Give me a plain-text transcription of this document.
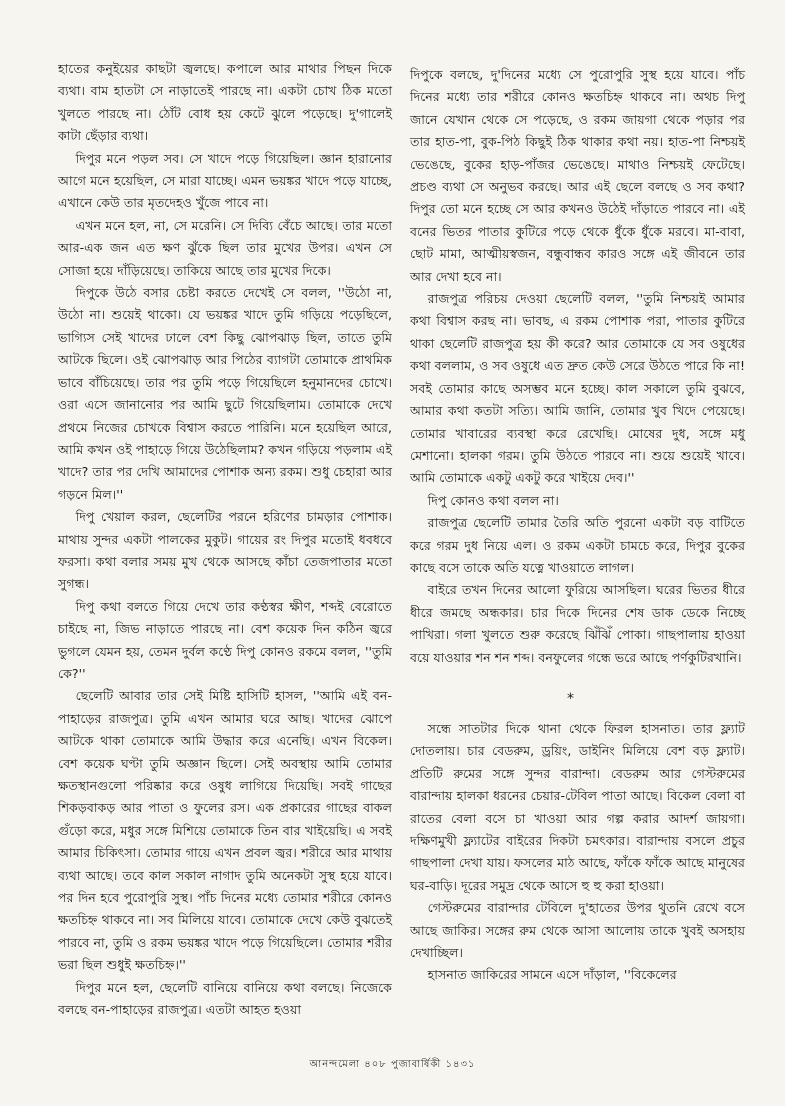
হাতের কনুইয়ের কাছটা জ্বলছে। কপালে আর মাথার পিছন দিকে ব্যথা। বাম হাতটা সে নাড়াতেই পারছে না। একটা চোখ ঠিক মতো খুলতে পারছে না। ঠোঁট বোধ হয় কেটে ঝুলে পড়েছে। দু'গালেই কাটা ছেঁড়ার ব্যথা।

দিপুর মনে পড়ল সব। সে খাদে পড়ে গিয়েছিল। জ্ঞান হারানোর আগে মনে হয়েছিল, সে মারা যাচ্ছে। এমন ভয়ঙ্কর খাদে পড়ে যাচ্ছে, এখানে কেউ তার মৃতদেহও খুঁজে পাবে না।

এখন মনে হল, না, সে মরেনি। সে দিব্যি বেঁচে আছে। তার মতো আর-এক জন এত ক্ষণ ঝুঁকে ছিল তার মুখের উপর। এখন সে সোজা হয়ে দাঁড়িয়েছে। তাকিয়ে আছে তার মুখের দিকে।

দিপুকে উঠে বসার চেষ্টা করতে দেখেই সে বলল, ''উঠো না, উঠো না। শুয়েই থাকো। যে ভয়ঙ্কর খাদে তুমি গড়িয়ে পড়েছিলে, ভাগ্যিস সেই খাদের ঢালে বেশ কিছু ঝোপঝাড় ছিল, তাতে তুমি আটকে ছিলে। ওই ঝোপঝাড় আর পিঠের ব্যাগটা তোমাকে প্রাথমিক ভাবে বাঁচিয়েছে। তার পর তুমি পড়ে গিয়েছিলে হনুমানদের চোখে। ওরা এসে জানানোর পর আমি ছুটে গিয়েছিলাম। তোমাকে দেখে প্রথমে নিজের চোখকে বিশ্বাস করতে পারিনি। মনে হয়েছিল আরে, আমি কখন ওই পাহাড়ে গিয়ে উঠেছিলাম? কখন গড়িয়ে পড়লাম এই খাদে? তার পর দেখি আমাদের পোশাক অন্য রকম। শুধু চেহারা আর গড়নে মিল।''

দিপু খেয়াল করল, ছেলেটির পরনে হরিণের চামড়ার পোশাক। মাথায় সুন্দর একটা পালকের মুকুট। গায়ের রং দিপুর মতোই ধবধবে ফরসা। কথা বলার সময় মুখ থেকে আসছে কাঁচা তেজপাতার মতো সুগন্ধ।

দিপু কথা বলতে গিয়ে দেখে তার কণ্ঠস্বর ক্ষীণ, শব্দই বেরোতে চাইছে না, জিভ নাড়াতে পারছে না। বেশ কয়েক দিন কঠিন জ্বরে ভুগলে যেমন হয়, তেমন দুর্বল কণ্ঠে দিপু কোনও রকমে বলল, ''তুমি কে?''

ছেলেটি আবার তার সেই মিষ্টি হাসিটি হাসল, ''আমি এই বন-পাহাড়ের রাজপুত্র। তুমি এখন আমার ঘরে আছ। খাদের ঝোপে আটকে থাকা তোমাকে আমি উদ্ধার করে এনেছি। এখন বিকেল। বেশ কয়েক ঘণ্টা তুমি অজ্ঞান ছিলে। সেই অবস্থায় আমি তোমার ক্ষতস্থানগুলো পরিষ্কার করে ওষুধ লাগিয়ে দিয়েছি। সবই গাছের শিকড়বাকড় আর পাতা ও ফুলের রস। এক প্রকারের গাছের বাকল গুঁড়ো করে, মধুর সঙ্গে মিশিয়ে তোমাকে তিন বার খাইয়েছি। এ সবই আমার চিকিৎসা। তোমার গায়ে এখন প্রবল জ্বর। শরীরে আর মাথায় ব্যথা আছে। তবে কাল সকাল নাগাদ তুমি অনেকটা সুস্থ হয়ে যাবে। পর দিন হবে পুরোপুরি সুস্থ। পাঁচ দিনের মধ্যে তোমার শরীরে কোনও ক্ষতচিহ্ন থাকবে না। সব মিলিয়ে যাবে। তোমাকে দেখে কেউ বুঝতেই পারবে না, তুমি ও রকম ভয়ঙ্কর খাদে পড়ে গিয়েছিলে। তোমার শরীর ভরা ছিল শুধুই ক্ষতচিহ্ন।''

দিপুর মনে হল, ছেলেটি বানিয়ে বানিয়ে কথা বলছে। নিজেকে বলছে বন-পাহাড়ের রাজপুত্র। এতটা আহত হওয়া

দিপুকে বলছে, দু'দিনের মধ্যে সে পুরোপুরি সুস্থ হয়ে যাবে। পাঁচ দিনের মধ্যে তার শরীরে কোনও ক্ষতচিহ্ন থাকবে না। অথচ দিপু জানে যেখান থেকে সে পড়েছে, ও রকম জায়গা থেকে পড়ার পর তার হাত-পা, বুক-পিঠ কিছুই ঠিক থাকার কথা নয়। হাত-পা নিশ্চয়ই ভেঙেছে, বুকের হাড়-পাঁজর ভেঙেছে। মাথাও নিশ্চয়ই ফেটেছে। প্রচণ্ড ব্যথা সে অনুভব করছে। আর এই ছেলে বলছে ও সব কথা? দিপুর তো মনে হচ্ছে সে আর কখনও উঠেই দাঁড়াতে পারবে না। এই বনের ভিতর পাতার কুটিরে পড়ে থেকে ধুঁকে ধুঁকে মরবে। মা-বাবা, ছোট মামা, আত্মীয়স্বজন, বন্ধুবান্ধব কারও সঙ্গে এই জীবনে তার আর দেখা হবে না।

রাজপুত্র পরিচয় দেওয়া ছেলেটি বলল, ''তুমি নিশ্চয়ই আমার কথা বিশ্বাস করছ না। ভাবছ, এ রকম পোশাক পরা, পাতার কুটিরে থাকা ছেলেটি রাজপুত্র হয় কী করে? আর তোমাকে যে সব ওষুধের কথা বললাম, ও সব ওষুধে এত দ্রুত কেউ সেরে উঠতে পারে কি না! সবই তোমার কাছে অসম্ভব মনে হচ্ছে। কাল সকালে তুমি বুঝবে, আমার কথা কতটা সত্যি। আমি জানি, তোমার খুব খিদে পেয়েছে। তোমার খাবারের ব্যবস্থা করে রেখেছি। মোষের দুধ, সঙ্গে মধু মেশানো। হালকা গরম। তুমি উঠতে পারবে না। শুয়ে শুয়েই খাবে। আমি তোমাকে একটু একটু করে খাইয়ে দেব।''

দিপু কোনও কথা বলল না।

রাজপুত্র ছেলেটি তামার তৈরি অতি পুরনো একটা বড় বাটিতে করে গরম দুধ নিয়ে এল। ও রকম একটা চামচে করে, দিপুর বুকের কাছে বসে তাকে অতি যত্নে খাওয়াতে লাগল।

বাইরে তখন দিনের আলো ফুরিয়ে আসছিল। ঘরের ভিতর ধীরে ধীরে জমছে অন্ধকার। চার দিকে দিনের শেষ ডাক ডেকে নিচ্ছে পাখিরা। গলা খুলতে শুরু করেছে ঝিঁঝিঁ পোকা। গাছপালায় হাওয়া বয়ে যাওয়ার শন শন শব্দ। বনফুলের গন্ধে ভরে আছে পর্ণকুটিরখানি।

*

সন্ধে সাতটার দিকে থানা থেকে ফিরল হাসনাত। তার ফ্ল্যাট দোতলায়। চার বেডরুম, ড্রয়িং, ডাইনিং মিলিয়ে বেশ বড় ফ্ল্যাট। প্রতিটি রুমের সঙ্গে সুন্দর বারান্দা। বেডরুম আর গেস্টরুমের বারান্দায় হালকা ধরনের চেয়ার-টেবিল পাতা আছে। বিকেল বেলা বা রাতের বেলা বসে চা খাওয়া আর গল্প করার আদর্শ জায়গা। দক্ষিণমুখী ফ্ল্যাটের বাইরের দিকটা চমৎকার। বারান্দায় বসলে প্রচুর গাছপালা দেখা যায়। ফসলের মাঠ আছে, ফাঁকে ফাঁকে আছে মানুষের ঘর-বাড়ি। দূরের সমুদ্র থেকে আসে হু হু করা হাওয়া।

গেস্টরুমের বারান্দার টেবিলে দু'হাতের উপর থুতনি রেখে বসে আছে জাকির। সঙ্গের রুম থেকে আসা আলোয় তাকে খুবই অসহায় দেখাচ্ছিল।

হাসনাত জাকিরের সামনে এসে দাঁড়াল, ''বিকেলের

আনন্দমেলা ৪০৮ পুজাবার্ষিকী ১৪৩১
